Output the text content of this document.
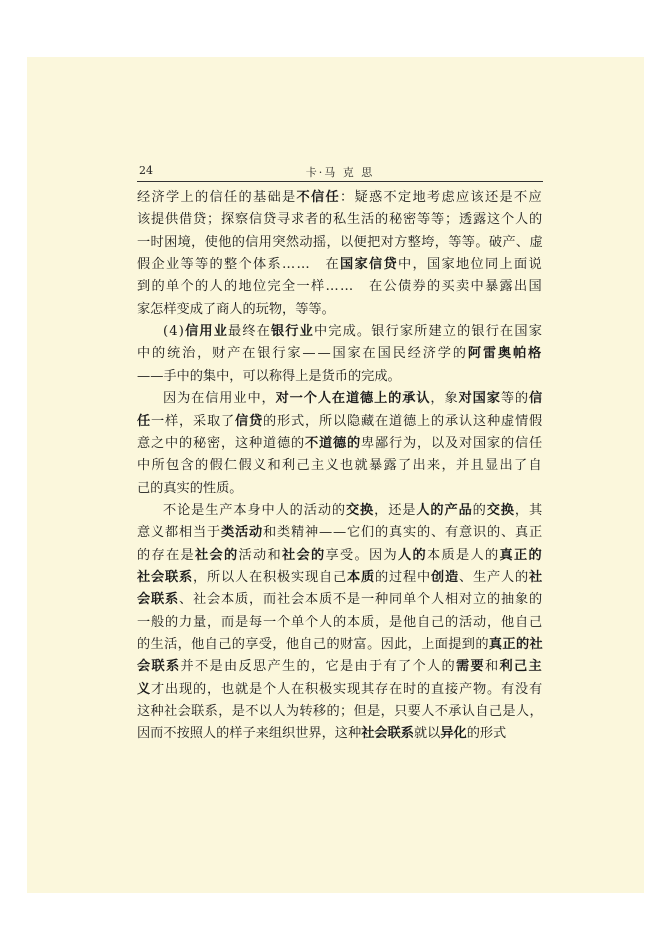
24	卡·马 克 思
经济学上的信任的基础是不信任：疑惑不定地考虑应该还是不应
该提供借贷；探察信贷寻求者的私生活的秘密等等；透露这个人的
一时困境，使他的信用突然动摇，以便把对方整垮，等等。破产、虚
假企业等等的整个体系……　在国家信贷中，国家地位同上面说
到的单个的人的地位完全一样……　在公债券的买卖中暴露出国
家怎样变成了商人的玩物，等等。
(4)信用业最终在银行业中完成。银行家所建立的银行在国家
中的统治，财产在银行家——国家在国民经济学的阿雷奥帕格
——手中的集中，可以称得上是货币的完成。
因为在信用业中，对一个人在道德上的承认，象对国家等的信
任一样，采取了信贷的形式，所以隐藏在道德上的承认这种虚情假
意之中的秘密，这种道德的不道德的卑鄙行为，以及对国家的信任
中所包含的假仁假义和利己主义也就暴露了出来，并且显出了自
己的真实的性质。
不论是生产本身中人的活动的交换，还是人的产品的交换，其
意义都相当于类活动和类精神——它们的真实的、有意识的、真正
的存在是社会的活动和社会的享受。因为人的本质是人的真正的
社会联系，所以人在积极实现自己本质的过程中创造、生产人的社
会联系、社会本质，而社会本质不是一种同单个人相对立的抽象的
一般的力量，而是每一个单个人的本质，是他自己的活动，他自己
的生活，他自己的享受，他自己的财富。因此，上面提到的真正的社
会联系并不是由反思产生的，它是由于有了个人的需要和利己主
义才出现的，也就是个人在积极实现其存在时的直接产物。有没有
这种社会联系，是不以人为转移的；但是，只要人不承认自己是人，
因而不按照人的样子来组织世界，这种社会联系就以异化的形式
